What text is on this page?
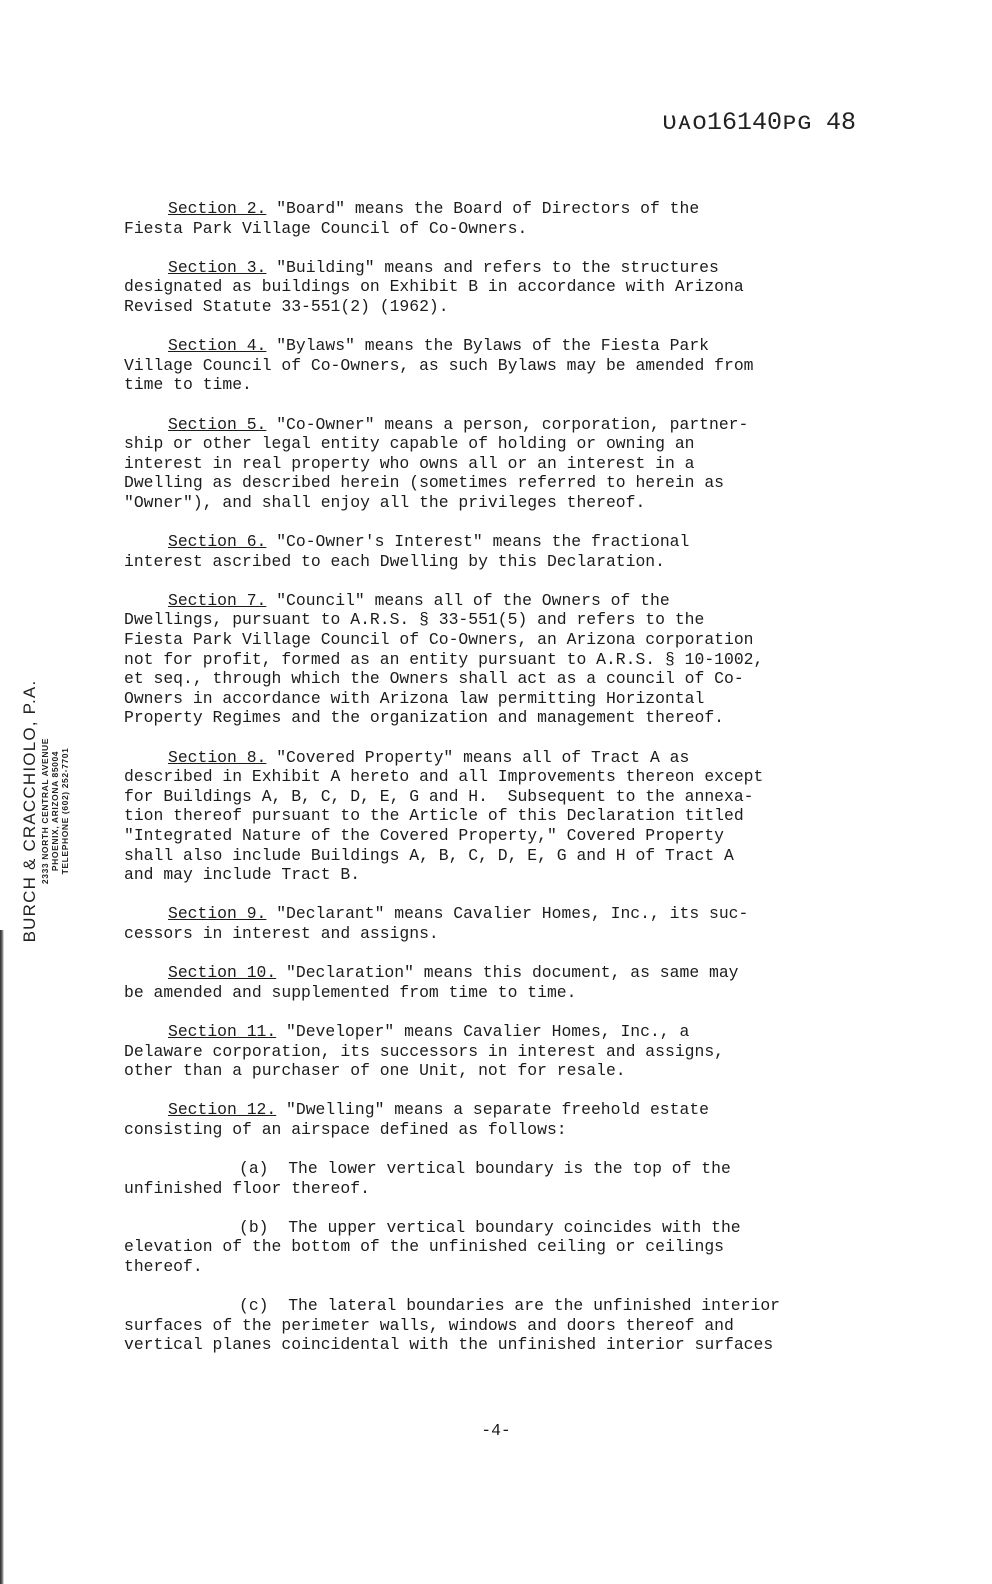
ᴜᴀᴏ16140ᴘɢ 48
BURCH & CRACCHIOLO, P.A. 2333 NORTH CENTRAL AVENUE PHOENIX, ARIZONA 85004 TELEPHONE (602) 252-7701
Section 2. "Board" means the Board of Directors of the
Fiesta Park Village Council of Co-Owners.
Section 3. "Building" means and refers to the structures
designated as buildings on Exhibit B in accordance with Arizona
Revised Statute 33-551(2) (1962).
Section 4. "Bylaws" means the Bylaws of the Fiesta Park
Village Council of Co-Owners, as such Bylaws may be amended from
time to time.
Section 5. "Co-Owner" means a person, corporation, partner-
ship or other legal entity capable of holding or owning an
interest in real property who owns all or an interest in a
Dwelling as described herein (sometimes referred to herein as
"Owner"), and shall enjoy all the privileges thereof.
Section 6. "Co-Owner's Interest" means the fractional
interest ascribed to each Dwelling by this Declaration.
Section 7. "Council" means all of the Owners of the
Dwellings, pursuant to A.R.S. § 33-551(5) and refers to the
Fiesta Park Village Council of Co-Owners, an Arizona corporation
not for profit, formed as an entity pursuant to A.R.S. § 10-1002,
et seq., through which the Owners shall act as a council of Co-
Owners in accordance with Arizona law permitting Horizontal
Property Regimes and the organization and management thereof.
Section 8. "Covered Property" means all of Tract A as
described in Exhibit A hereto and all Improvements thereon except
for Buildings A, B, C, D, E, G and H.  Subsequent to the annexa-
tion thereof pursuant to the Article of this Declaration titled
"Integrated Nature of the Covered Property," Covered Property
shall also include Buildings A, B, C, D, E, G and H of Tract A
and may include Tract B.
Section 9. "Declarant" means Cavalier Homes, Inc., its suc-
cessors in interest and assigns.
Section 10. "Declaration" means this document, as same may
be amended and supplemented from time to time.
Section 11. "Developer" means Cavalier Homes, Inc., a
Delaware corporation, its successors in interest and assigns,
other than a purchaser of one Unit, not for resale.
Section 12. "Dwelling" means a separate freehold estate
consisting of an airspace defined as follows:
(a)  The lower vertical boundary is the top of the
unfinished floor thereof.
(b)  The upper vertical boundary coincides with the
elevation of the bottom of the unfinished ceiling or ceilings
thereof.
(c)  The lateral boundaries are the unfinished interior
surfaces of the perimeter walls, windows and doors thereof and
vertical planes coincidental with the unfinished interior surfaces
-4-
